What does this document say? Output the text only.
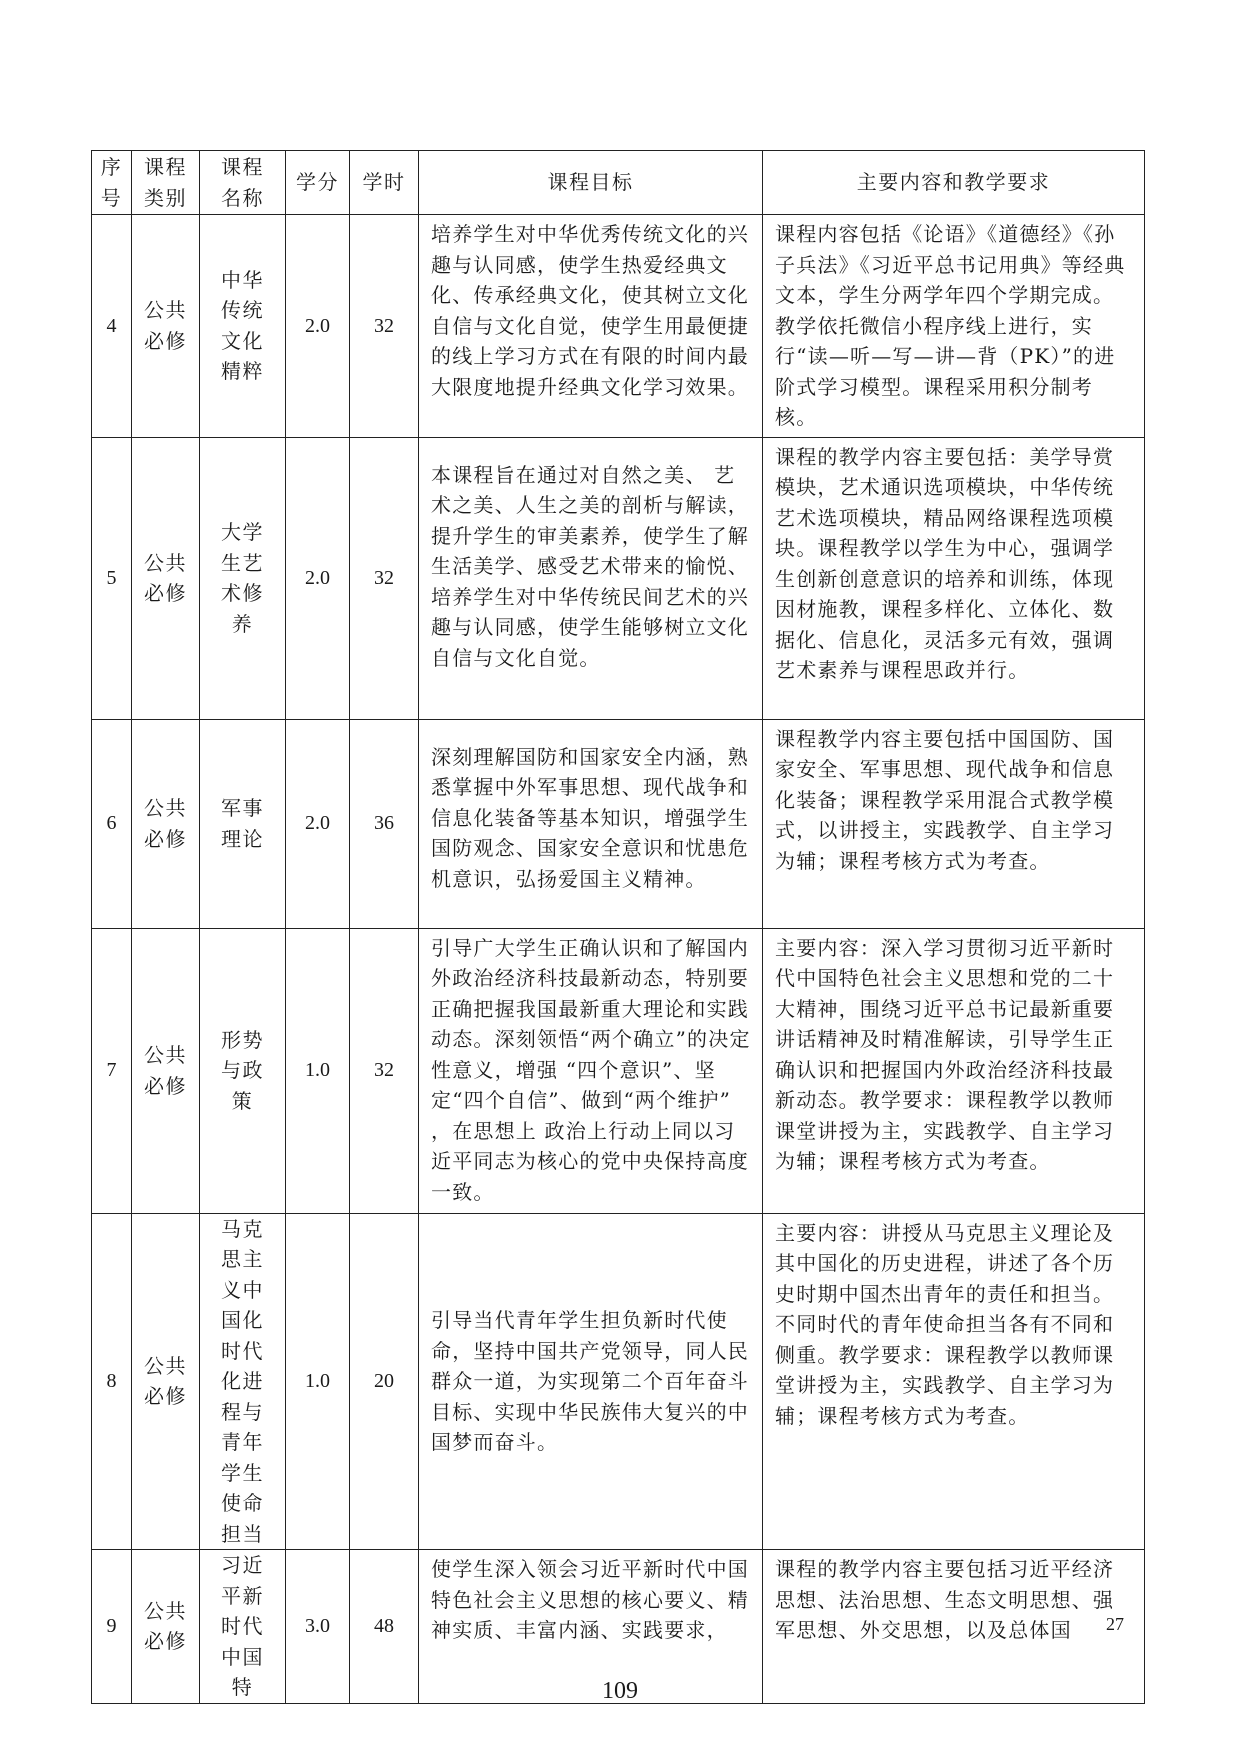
序号	课程类别	课程名称	学分	学时	课程目标	主要内容和教学要求
4	公共必修	中华传统文化精粹	2.0	32	培养学生对中华优秀传统文化的兴趣与认同感，使学生热爱经典文化、传承经典文化，使其树立文化自信与文化自觉，使学生用最便捷的线上学习方式在有限的时间内最大限度地提升经典文化学习效果。	课程内容包括《论语》《道德经》《孙子兵法》《习近平总书记用典》等经典文本，学生分两学年四个学期完成。教学依托微信小程序线上进行，实行“读—听—写—讲—背（PK）”的进阶式学习模型。课程采用积分制考核。
5	公共必修	大学生艺术修养	2.0	32	本课程旨在通过对自然之美、 艺术之美、人生之美的剖析与解读，提升学生的审美素养，使学生了解生活美学、感受艺术带来的愉悦、培养学生对中华传统民间艺术的兴趣与认同感，使学生能够树立文化自信与文化自觉。	课程的教学内容主要包括：美学导赏模块，艺术通识选项模块，中华传统艺术选项模块，精品网络课程选项模块。课程教学以学生为中心，强调学生创新创意意识的培养和训练，体现因材施教，课程多样化、立体化、数据化、信息化，灵活多元有效，强调艺术素养与课程思政并行。
6	公共必修	军事理论	2.0	36	深刻理解国防和国家安全内涵，熟悉掌握中外军事思想、现代战争和信息化装备等基本知识，增强学生国防观念、国家安全意识和忧患危机意识，弘扬爱国主义精神。	课程教学内容主要包括中国国防、国家安全、军事思想、现代战争和信息化装备；课程教学采用混合式教学模式，以讲授主，实践教学、自主学习为辅；课程考核方式为考查。
7	公共必修	形势与政策	1.0	32	引导广大学生正确认识和了解国内外政治经济科技最新动态，特别要正确把握我国最新重大理论和实践动态。深刻领悟“两个确立”的决定性意义，增强 “四个意识”、坚定“四个自信”、做到“两个维护” ，在思想上 政治上行动上同以习近平同志为核心的党中央保持高度一致。	主要内容：深入学习贯彻习近平新时代中国特色社会主义思想和党的二十 大精神，围绕习近平总书记最新重要讲话精神及时精准解读，引导学生正确认识和把握国内外政治经济科技最新动态。教学要求：课程教学以教师课堂讲授为主，实践教学、自主学习为辅；课程考核方式为考查。
8	公共必修	马克思主义中国化时代化进程与青年学生使命担当	1.0	20	引导当代青年学生担负新时代使命，坚持中国共产党领导，同人民群众一道，为实现第二个百年奋斗目标、实现中华民族伟大复兴的中国梦而奋斗。	主要内容：讲授从马克思主义理论及其中国化的历史进程，讲述了各个历史时期中国杰出青年的责任和担当。不同时代的青年使命担当各有不同和侧重。教学要求：课程教学以教师课堂讲授为主，实践教学、自主学习为辅；课程考核方式为考查。
9	公共必修	习近平新时代中国特	3.0	48	使学生深入领会习近平新时代中国特色社会主义思想的核心要义、精神实质、丰富内涵、实践要求，	课程的教学内容主要包括习近平经济思想、法治思想、生态文明思想、强军思想、外交思想，以及总体国 27
109
